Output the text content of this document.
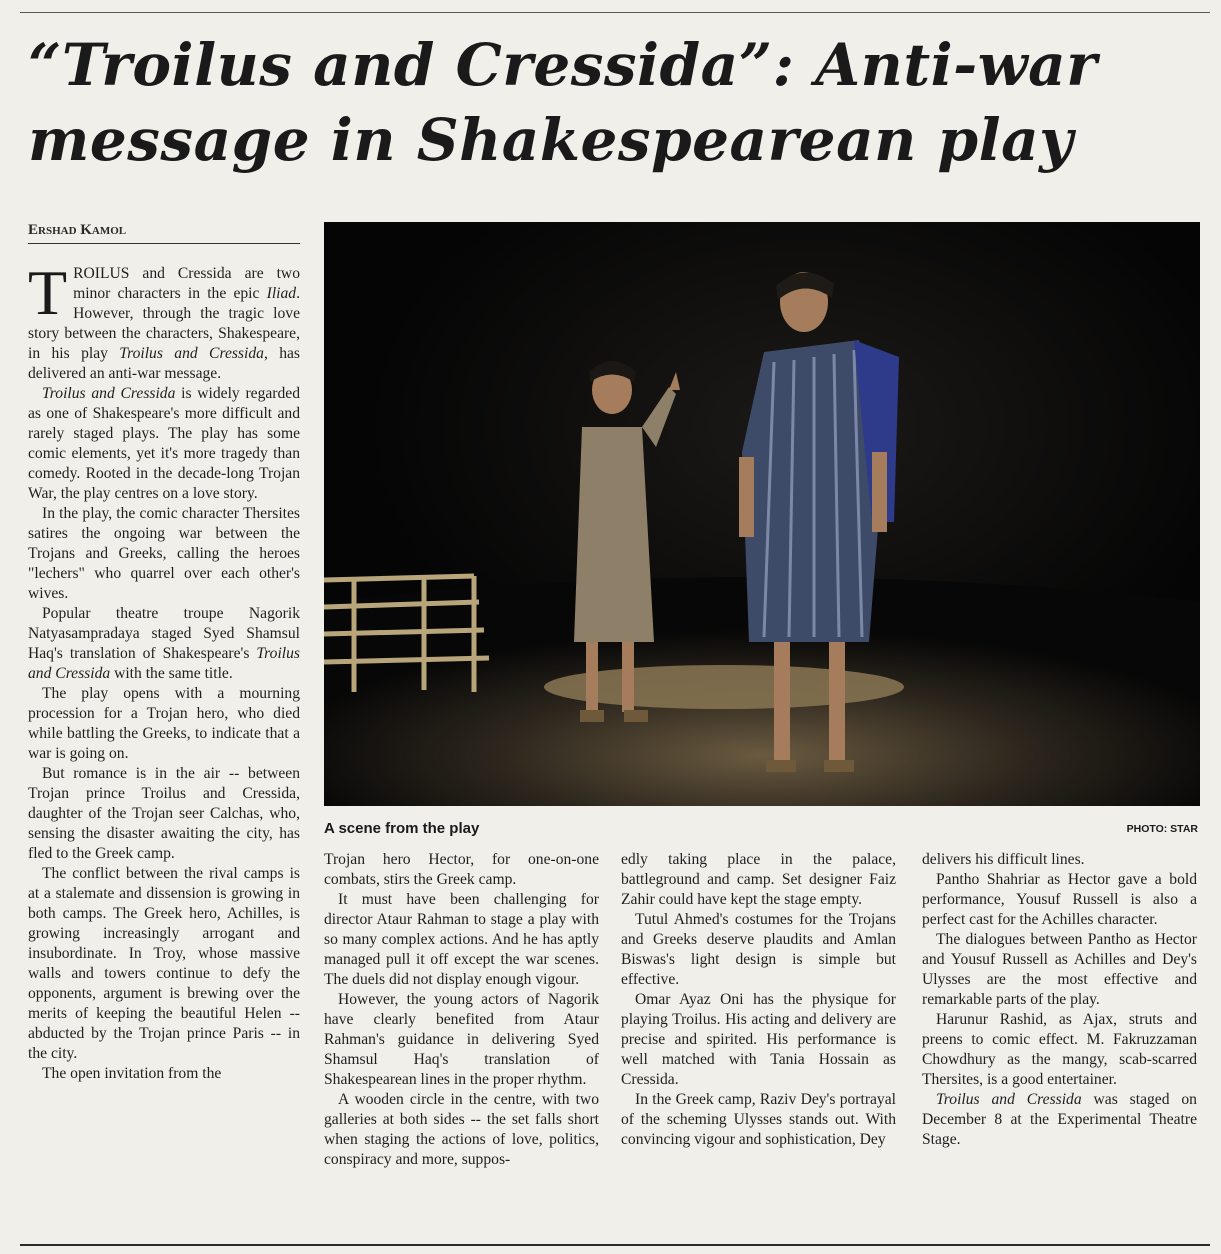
“Troilus and Cressida”: Anti-war message in Shakespearean play
Ershad Kamol

TROILUS and Cressida are two minor characters in the epic Iliad. However, through the tragic love story between the characters, Shakespeare, in his play Troilus and Cressida, has delivered an anti-war message.

Troilus and Cressida is widely regarded as one of Shakespeare's more difficult and rarely staged plays. The play has some comic elements, yet it's more tragedy than comedy. Rooted in the decade-long Trojan War, the play centres on a love story.

In the play, the comic character Thersites satires the ongoing war between the Trojans and Greeks, calling the heroes "lechers" who quarrel over each other's wives.

Popular theatre troupe Nagorik Natyasampradaya staged Syed Shamsul Haq's translation of Shakespeare's Troilus and Cressida with the same title.

The play opens with a mourning procession for a Trojan hero, who died while battling the Greeks, to indicate that a war is going on.

But romance is in the air -- between Trojan prince Troilus and Cressida, daughter of the Trojan seer Calchas, who, sensing the disaster awaiting the city, has fled to the Greek camp.

The conflict between the rival camps is at a stalemate and dissension is growing in both camps. The Greek hero, Achilles, is growing increasingly arrogant and insubordinate. In Troy, whose massive walls and towers continue to defy the opponents, argument is brewing over the merits of keeping the beautiful Helen -- abducted by the Trojan prince Paris -- in the city.

The open invitation from the

A scene from the play	PHOTO: STAR

Trojan hero Hector, for one-on-one combats, stirs the Greek camp.

It must have been challenging for director Ataur Rahman to stage a play with so many complex actions. And he has aptly managed pull it off except the war scenes. The duels did not display enough vigour.

However, the young actors of Nagorik have clearly benefited from Ataur Rahman's guidance in delivering Syed Shamsul Haq's translation of Shakespearean lines in the proper rhythm.

A wooden circle in the centre, with two galleries at both sides -- the set falls short when staging the actions of love, politics, conspiracy and more, suppos-

edly taking place in the palace, battleground and camp. Set designer Faiz Zahir could have kept the stage empty.

Tutul Ahmed's costumes for the Trojans and Greeks deserve plaudits and Amlan Biswas's light design is simple but effective.

Omar Ayaz Oni has the physique for playing Troilus. His acting and delivery are precise and spirited. His performance is well matched with Tania Hossain as Cressida.

In the Greek camp, Raziv Dey's portrayal of the scheming Ulysses stands out. With convincing vigour and sophistication, Dey

delivers his difficult lines.

Pantho Shahriar as Hector gave a bold performance, Yousuf Russell is also a perfect cast for the Achilles character.

The dialogues between Pantho as Hector and Yousuf Russell as Achilles and Dey's Ulysses are the most effective and remarkable parts of the play.

Harunur Rashid, as Ajax, struts and preens to comic effect. M. Fakruzzaman Chowdhury as the mangy, scab-scarred Thersites, is a good entertainer.

Troilus and Cressida was staged on December 8 at the Experimental Theatre Stage.
